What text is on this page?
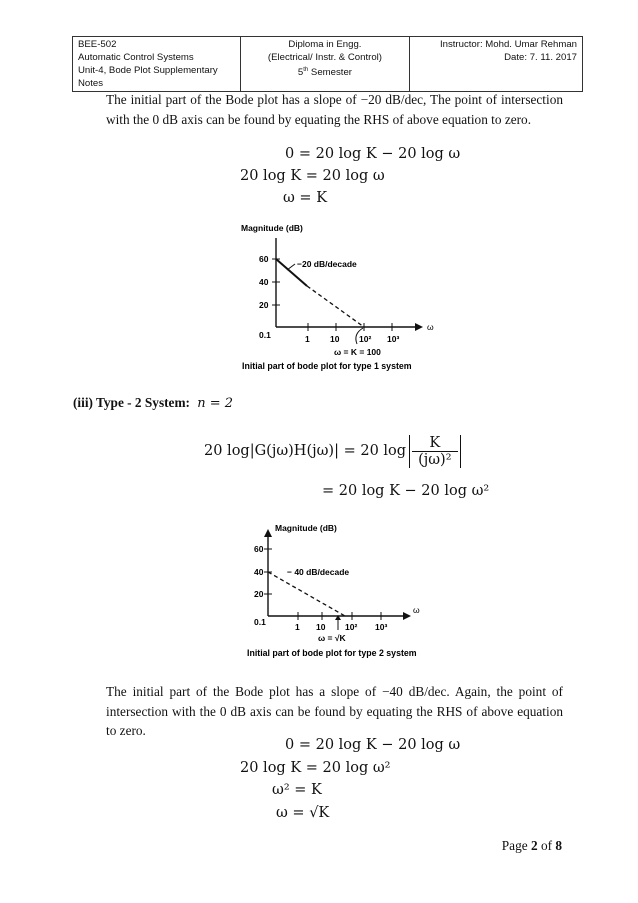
BEE-502
Automatic Control Systems
Unit-4, Bode Plot Supplementary Notes

Diploma in Engg.
(Electrical/ Instr. & Control)
5th Semester

Instructor: Mohd. Umar Rehman
Date: 7. 11. 2017

The initial part of the Bode plot has a slope of −20 dB/dec, The point of intersection with the 0 dB axis can be found by equating the RHS of above equation to zero.

0 = 20 log K − 20 log ω
20 log K = 20 log ω
ω = K
Magnitude (dB)
ω
60
40
20
0.1	1 10 10² 10³
−20 dB/decade
ω = K = 100
Initial part of bode plot for type 1 system
(iii) Type - 2 System: n = 2
20 log|G(jω)H(jω)| = 20 $\log \frac{K}{\text{(jω)²}}$
= 20 log K − 20 log ω²
Magnitude (dB)
ω
60
40
20
0.1	1 10 10² 10³
− 40 dB/decade
ω = √K
Initial part of bode plot for type 2 system

The initial part of the Bode plot has a slope of −40 dB/dec. Again, the point of intersection with the 0 dB axis can be found by equating the RHS of above equation to zero.

0 = 20 log K − 20 log ω
20 log K = 20 log ω²
ω² = K
ω = √K
Page 2 of 8
